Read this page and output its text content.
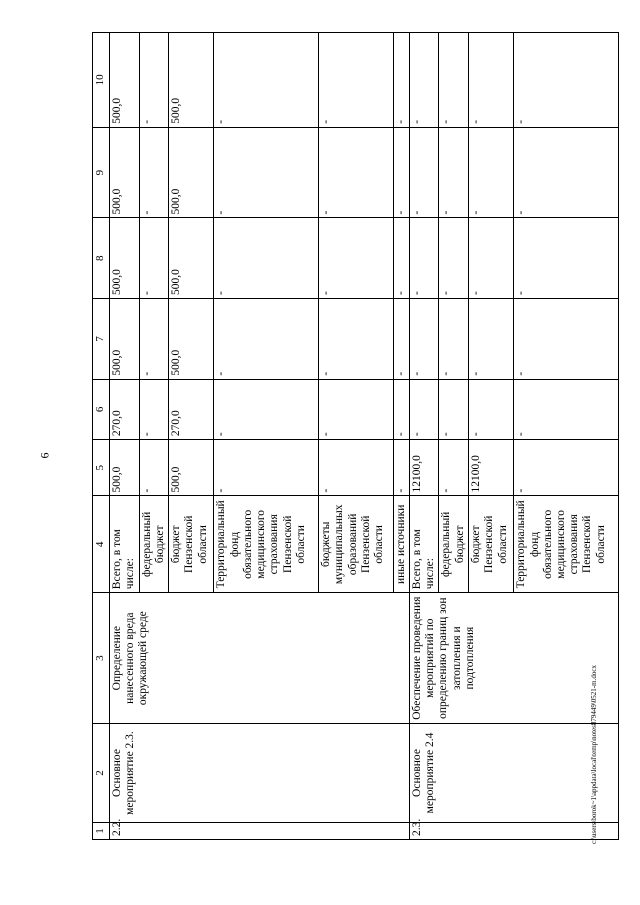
6
1	2	3	4	5	6	7	8	9	10
2.2.	Основное мероприятие 2.3.	Определение нанесенного вреда окружающей среде	Всего, в том числе:	500,0	270,0	500,0	500,0	500,0	500,0
			федеральный бюджет	-	-	-	-	-	-
			бюджет Пензенской области	500,0	270,0	500,0	500,0	500,0	500,0
			Территориальный фонд обязательного медицинского страхования Пензенской области	-	-	-	-	-	-
			бюджеты муниципальных образований Пензенской области	-	-	-	-	-	-
			иные источники	-	-	-	-	-	-
2.3.	Основное мероприятие 2.4	Обеспечение проведения мероприятий по определению границ зон затопления и подтопления	Всего, в том числе:	12100,0	-	-	-	-	-
			федеральный бюджет	-	-	-	-	-	-
			бюджет Пензенской области	12100,0	-	-	-	-	-
			Территориальный фонд обязательного медицинского страхования Пензенской области	-	-	-	-	-	-
c:\users\borok~1\appdata\local\temp\notes879449\0521-m.docx
